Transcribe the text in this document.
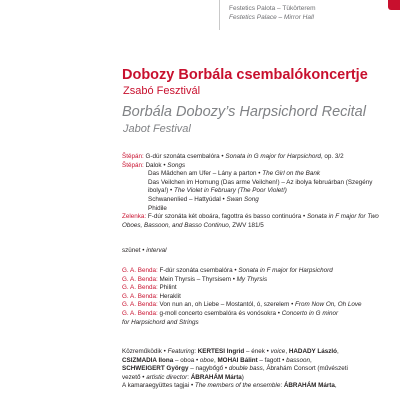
Festetics Palota – Tükörterem
Festetics Palace – Mirror Hall
Dobozy Borbála csembalókoncertje
Zsabó Fesztivál
Borbála Dobozy’s Harpsichord Recital
Jabot Festival
Štěpán: G-dúr szonáta csembalóra • Sonata in G major for Harpsichord, op. 3/2
Štěpán: Dalok • Songs
Das Mädchen am Ufer – Lány a parton • The Girl on the Bank
Das Veilchen im Hornung (Das arme Veilchen!) – Az ibolya februárban (Szegény ibolya!) • The Violet in February (The Poor Violet!)
Schwanenlied – Hattyúdal • Swan Song
Phidile
Zelenka: F-dúr szonáta két oboára, fagottra és basso continuóra • Sonata in F major for Two Oboes, Bassoon, and Basso Continuo, ZWV 181/5
szünet • interval
G. A. Benda: F-dúr szonáta csembalóra • Sonata in F major for Harpsichord
G. A. Benda: Mein Thyrsis – Thyrsisem • My Thyrsis
G. A. Benda: Philint
G. A. Benda: Heraklit
G. A. Benda: Von nun an, oh Liebe – Mostantól, ó, szerelem • From Now On, Oh Love
G. A. Benda: g-moll concerto csembalóra és vonósokra • Concerto in G minor
for Harpsichord and Strings
Közreműködik • Featuring: KERTESI Ingrid – ének • voice, HADADY László,
CSIZMADIA Ilona – oboa • oboe, MOHAI Bálint – fagott • bassoon,
SCHWEIGERT György – nagybőgő • double bass, Ábrahám Consort (művészeti
vezető • artistic director: ÁBRAHÁM Márta)
A kamaraegyüttes tagjai • The members of the ensemble: ÁBRAHÁM Márta,
